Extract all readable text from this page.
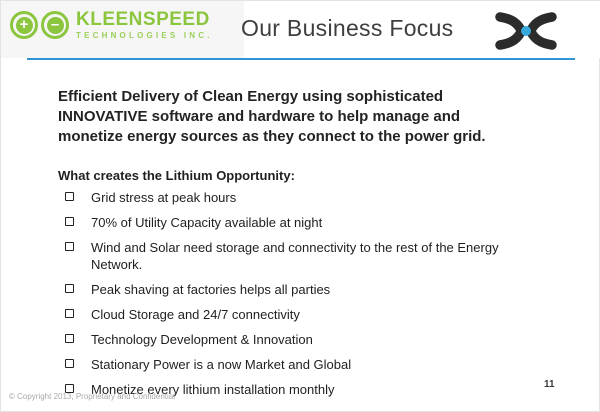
+ – KLEENSPEED
TECHNOLOGIES INC. Our Business Focus
Efficient Delivery of Clean Energy using sophisticated
INNOVATIVE software and hardware to help manage and
monetize energy sources as they connect to the power grid.
What creates the Lithium Opportunity:
Grid stress at peak hours
70% of Utility Capacity available at night
Wind and Solar need storage and connectivity to the rest of the Energy Network.
Peak shaving at factories helps all parties
Cloud Storage and 24/7 connectivity
Technology Development & Innovation
Stationary Power is a now Market and Global
Monetize every lithium installation monthly
© Copyright 2013, Proprietary and Confidential
11
